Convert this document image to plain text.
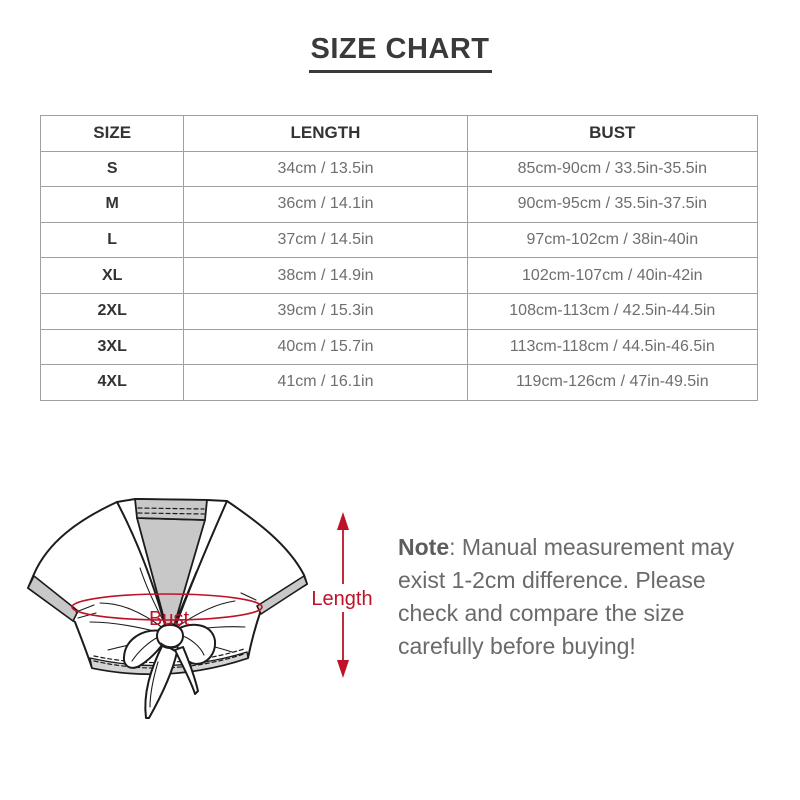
SIZE CHART
SIZE	LENGTH	BUST
S	34cm / 13.5in	85cm-90cm / 33.5in-35.5in
M	36cm / 14.1in	90cm-95cm / 35.5in-37.5in
L	37cm / 14.5in	97cm-102cm / 38in-40in
XL	38cm / 14.9in	102cm-107cm / 40in-42in
2XL	39cm / 15.3in	108cm-113cm / 42.5in-44.5in
3XL	40cm / 15.7in	113cm-118cm / 44.5in-46.5in
4XL	41cm / 16.1in	119cm-126cm / 47in-49.5in
Note: Manual measurement may
exist 1-2cm difference. Please
check and compare the size
carefully before buying!
Bust
Length
